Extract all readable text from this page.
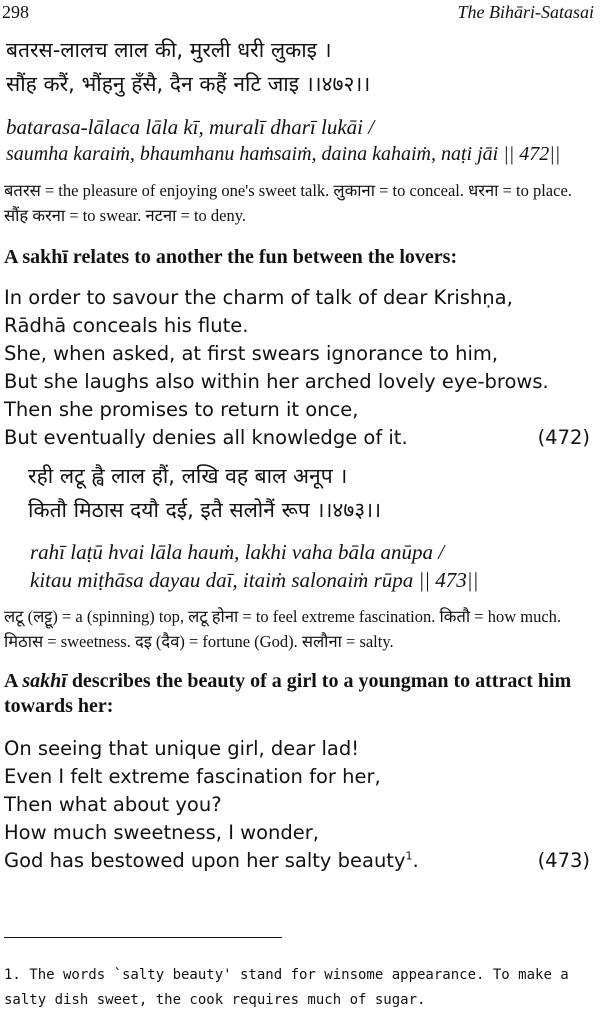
298	The Bihāri-Satasai
बतरस-लालच लाल की, मुरली धरी लुकाइ ।
सौंह करैं, भौंहनु हँसै, दैन कहैं नटि जाइ ।।४७२।।
batarasa-lālaca lāla kī, muralī dharī lukāi /
saumha karaiṁ, bhaumhanu haṁsaiṁ, daina kahaiṁ, naṭi jāi || 472||
बतरस = the pleasure of enjoying one's sweet talk. लुकाना = to conceal. धरना = to place. सौंह करना = to swear. नटना = to deny.
A sakhī relates to another the fun between the lovers:
In order to savour the charm of talk of dear Krishṇa,
Rādhā conceals his flute.
She, when asked, at first swears ignorance to him,
But she laughs also within her arched lovely eye-brows.
Then she promises to return it once,
But eventually denies all knowledge of it.	(472)
रही लटू ह्वै लाल हौं, लखि वह बाल अनूप ।
कितौ मिठास दयौ दई, इतै सलोनैं रूप ।।४७३।।
rahī laṭū hvai lāla hauṁ, lakhi vaha bāla anūpa /
kitau miṭhāsa dayau daī, itaiṁ salonaiṁ rūpa || 473||
लटू (लट्टू) = a (spinning) top, लटू होना = to feel extreme fascination. कितौ = how much. मिठास = sweetness. दइ (दैव) = fortune (God). सलौना = salty.
A sakhī describes the beauty of a girl to a youngman to attract him towards her:
On seeing that unique girl, dear lad!
Even I felt extreme fascination for her,
Then what about you?
How much sweetness, I wonder,
God has bestowed upon her salty beauty$^1$.	(473)
1. The words `salty beauty' stand for winsome appearance. To make a salty dish sweet, the cook requires much of sugar.
